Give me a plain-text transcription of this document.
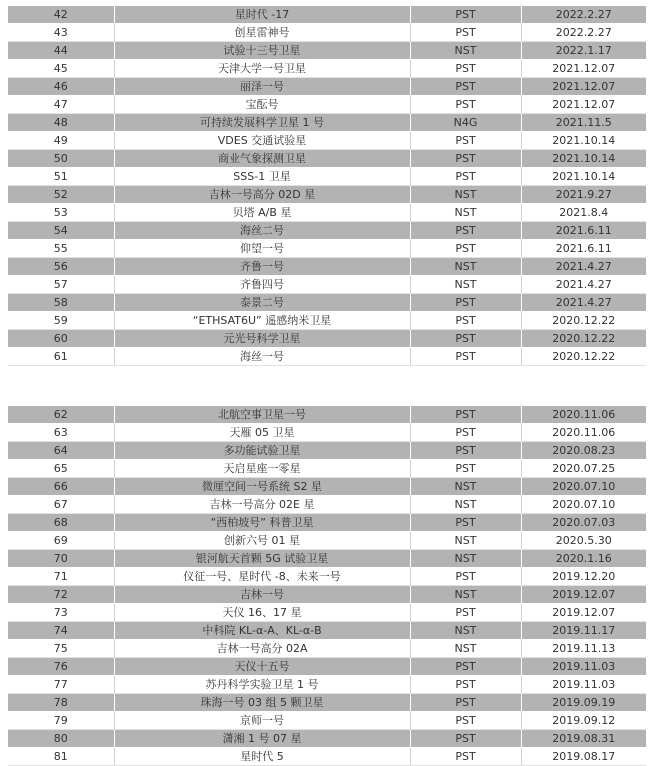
42	星时代 -17	PST	2022.2.27
43	创星雷神号	PST	2022.2.27
44	试验十三号卫星	NST	2022.1.17
45	天津大学一号卫星	PST	2021.12.07
46	丽泽一号	PST	2021.12.07
47	宝酝号	PST	2021.12.07
48	可持续发展科学卫星 1 号	N4G	2021.11.5
49	VDES 交通试验星	PST	2021.10.14
50	商业气象探测卫星	PST	2021.10.14
51	SSS-1 卫星	PST	2021.10.14
52	吉林一号高分 02D 星	NST	2021.9.27
53	贝塔 A/B 星	NST	2021.8.4
54	海丝二号	PST	2021.6.11
55	仰望一号	PST	2021.6.11
56	齐鲁一号	NST	2021.4.27
57	齐鲁四号	NST	2021.4.27
58	泰景二号	PST	2021.4.27
59	“ETHSAT6U” 遥感纳米卫星	PST	2020.12.22
60	元光号科学卫星	PST	2020.12.22
61	海丝一号	PST	2020.12.22
62	北航空事卫星一号	PST	2020.11.06
63	天雁 05 卫星	PST	2020.11.06
64	多功能试验卫星	PST	2020.08.23
65	天启星座一零星	PST	2020.07.25
66	微厘空间一号系统 S2 星	NST	2020.07.10
67	吉林一号高分 02E 星	NST	2020.07.10
68	“西柏坡号” 科普卫星	PST	2020.07.03
69	创新六号 01 星	NST	2020.5.30
70	银河航天首颗 5G 试验卫星	NST	2020.1.16
71	仪征一号、星时代 -8、未来一号	PST	2019.12.20
72	吉林一号	NST	2019.12.07
73	天仪 16、17 星	PST	2019.12.07
74	中科院 KL-α-A、KL-α-B	NST	2019.11.17
75	吉林一号高分 02A	NST	2019.11.13
76	天仪十五号	PST	2019.11.03
77	苏丹科学实验卫星 1 号	PST	2019.11.03
78	珠海一号 03 组 5 颗卫星	PST	2019.09.19
79	京师一号	PST	2019.09.12
80	潇湘 1 号 07 星	PST	2019.08.31
81	星时代 5	PST	2019.08.17
